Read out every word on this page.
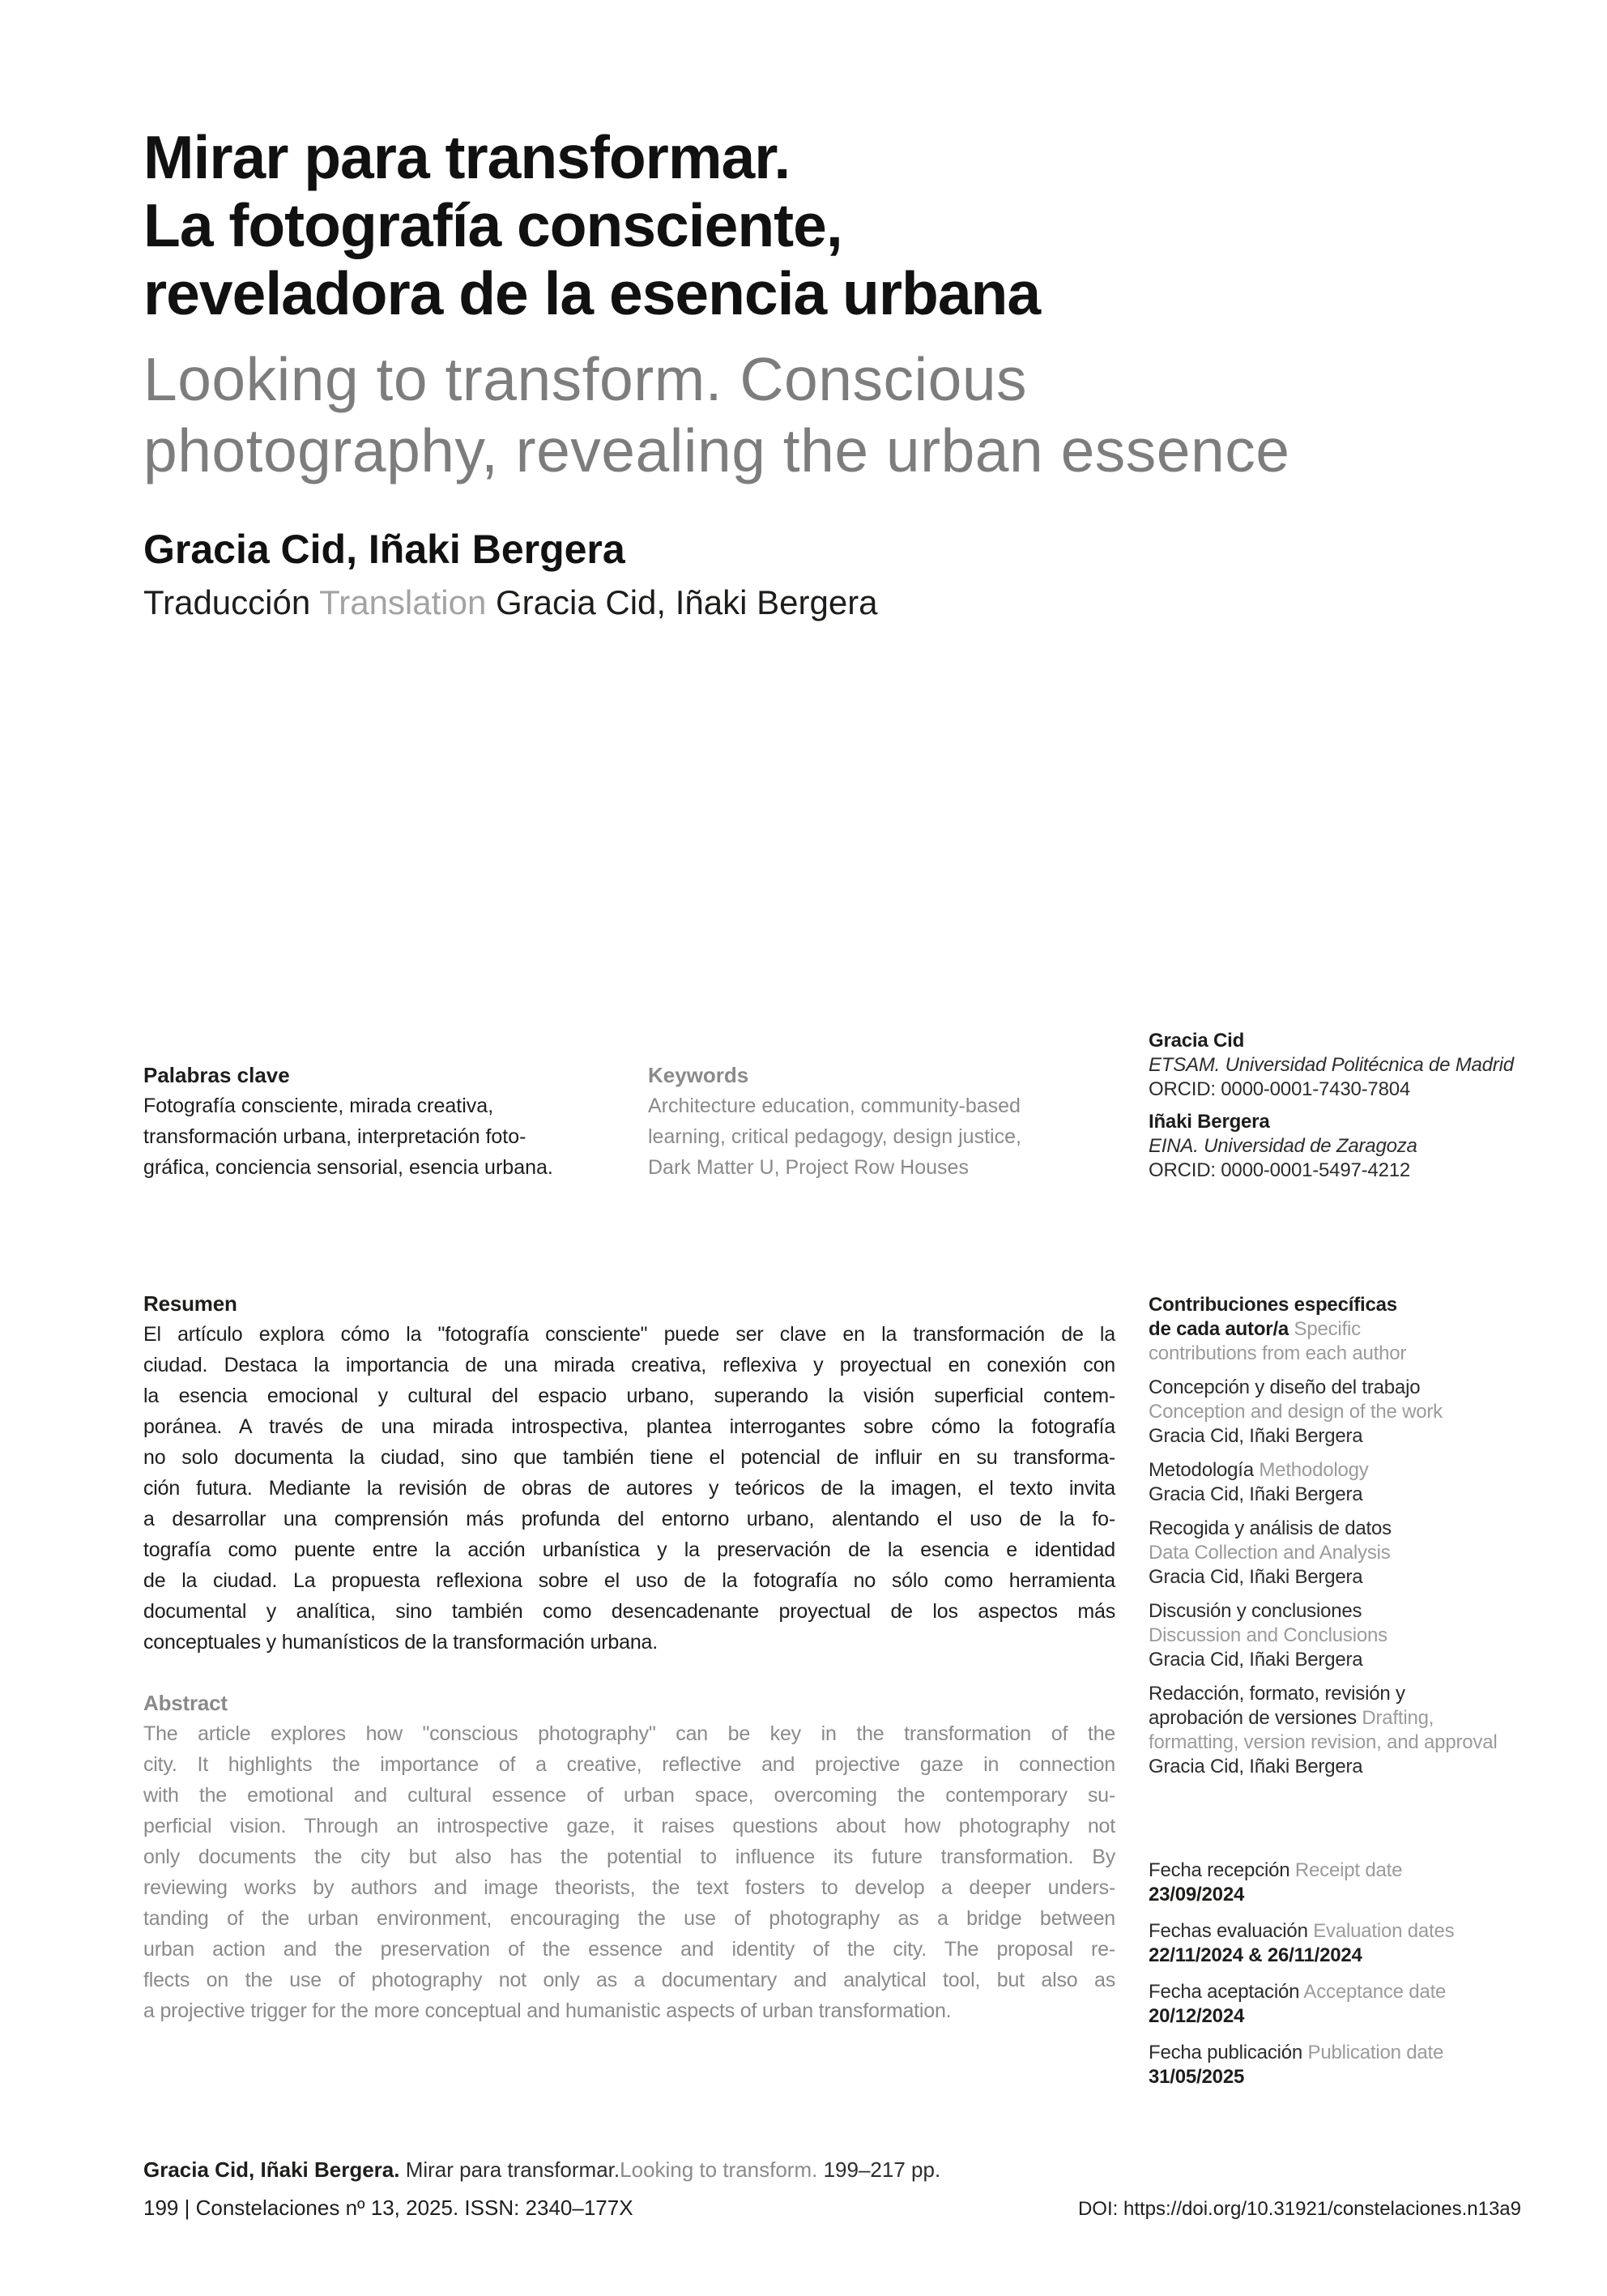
Mirar para transformar.
La fotografía consciente,
reveladora de la esencia urbana
Looking to transform. Conscious
photography, revealing the urban essence
Gracia Cid, Iñaki Bergera
Traducción Translation Gracia Cid, Iñaki Bergera
Palabras clave
Fotografía consciente, mirada creativa,
transformación urbana, interpretación foto-
gráfica, conciencia sensorial, esencia urbana.
Keywords
Architecture education, community-based
learning, critical pedagogy, design justice,
Dark Matter U, Project Row Houses
Resumen
El artículo explora cómo la "fotografía consciente" puede ser clave en la transformación de la
ciudad. Destaca la importancia de una mirada creativa, reflexiva y proyectual en conexión con
la esencia emocional y cultural del espacio urbano, superando la visión superficial contem-
poránea. A través de una mirada introspectiva, plantea interrogantes sobre cómo la fotografía
no solo documenta la ciudad, sino que también tiene el potencial de influir en su transforma-
ción futura. Mediante la revisión de obras de autores y teóricos de la imagen, el texto invita
a desarrollar una comprensión más profunda del entorno urbano, alentando el uso de la fo-
tografía como puente entre la acción urbanística y la preservación de la esencia e identidad
de la ciudad. La propuesta reflexiona sobre el uso de la fotografía no sólo como herramienta
documental y analítica, sino también como desencadenante proyectual de los aspectos más
conceptuales y humanísticos de la transformación urbana.
Abstract
The article explores how "conscious photography" can be key in the transformation of the
city. It highlights the importance of a creative, reflective and projective gaze in connection
with the emotional and cultural essence of urban space, overcoming the contemporary su-
perficial vision. Through an introspective gaze, it raises questions about how photography not
only documents the city but also has the potential to influence its future transformation. By
reviewing works by authors and image theorists, the text fosters to develop a deeper unders-
tanding of the urban environment, encouraging the use of photography as a bridge between
urban action and the preservation of the essence and identity of the city. The proposal re-
flects on the use of photography not only as a documentary and analytical tool, but also as
a projective trigger for the more conceptual and humanistic aspects of urban transformation.
Gracia Cid
ETSAM. Universidad Politécnica de Madrid
ORCID: 0000-0001-7430-7804
Iñaki Bergera
EINA. Universidad de Zaragoza
ORCID: 0000-0001-5497-4212
Contribuciones específicas
de cada autor/a Specific
contributions from each author
Concepción y diseño del trabajo
Conception and design of the work
Gracia Cid, Iñaki Bergera
Metodología Methodology
Gracia Cid, Iñaki Bergera
Recogida y análisis de datos
Data Collection and Analysis
Gracia Cid, Iñaki Bergera
Discusión y conclusiones
Discussion and Conclusions
Gracia Cid, Iñaki Bergera
Redacción, formato, revisión y
aprobación de versiones Drafting,
formatting, version revision, and approval
Gracia Cid, Iñaki Bergera
Fecha recepción Receipt date
23/09/2024
Fechas evaluación Evaluation dates
22/11/2024 & 26/11/2024
Fecha aceptación Acceptance date
20/12/2024
Fecha publicación Publication date
31/05/2025
Gracia Cid, Iñaki Bergera. Mirar para transformar.Looking to transform. 199–217 pp.
199 | Constelaciones nº 13, 2025. ISSN: 2340–177X	DOI: https://doi.org/10.31921/constelaciones.n13a9
